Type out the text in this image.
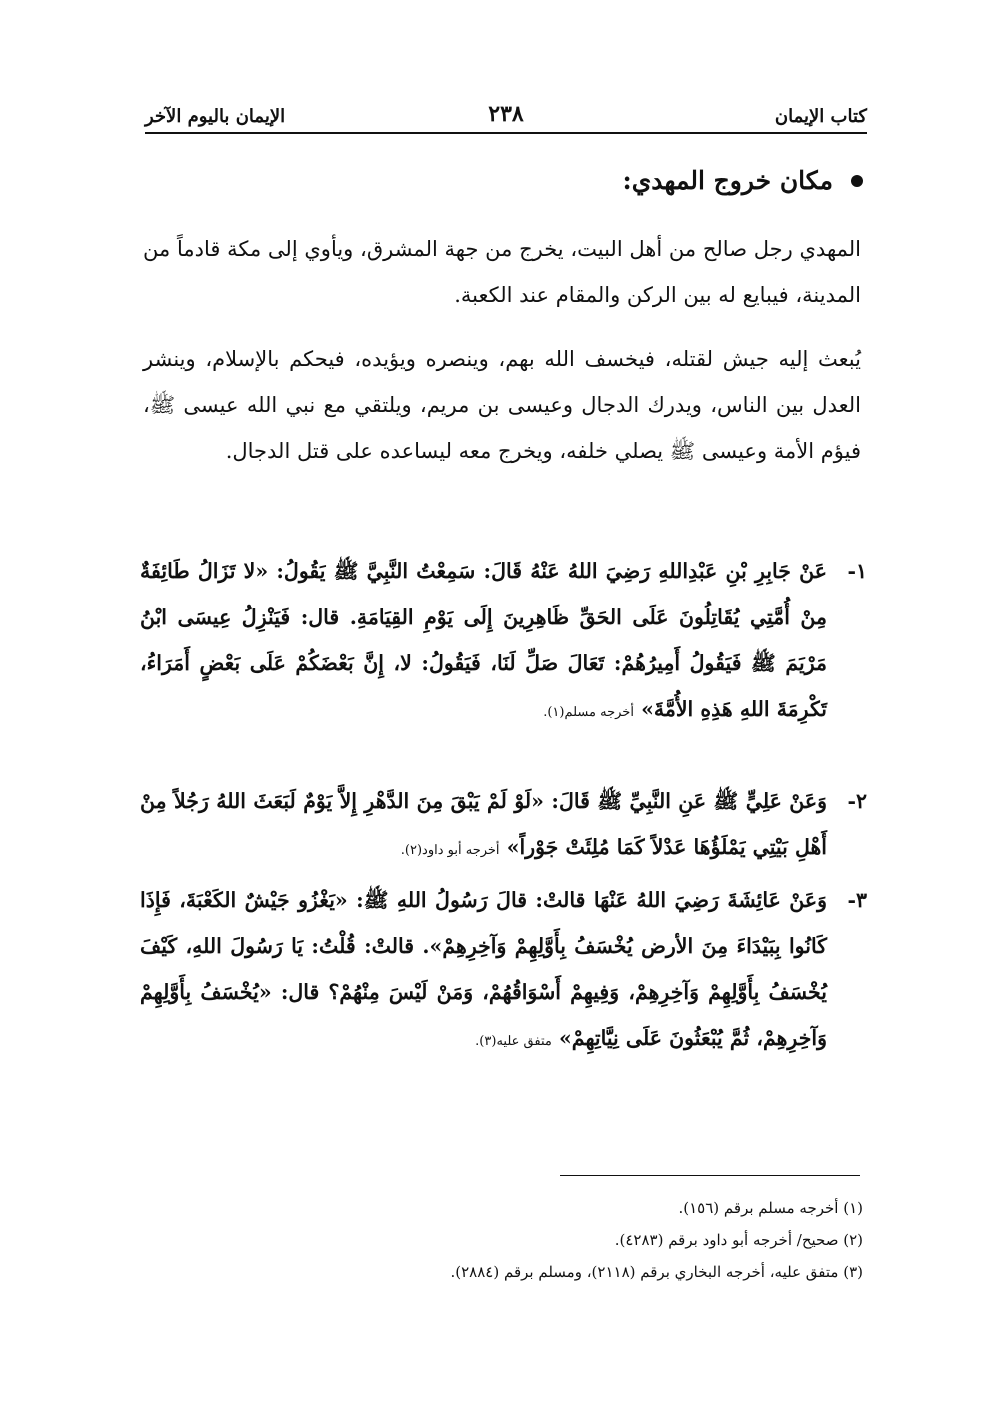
كتاب الإيمان
٢٣٨
الإيمان باليوم الآخر
مكان خروج المهدي:

المهدي رجل صالح من أهل البيت، يخرج من جهة المشرق، ويأوي إلى مكة قادماً من المدينة، فيبايع له بين الركن والمقام عند الكعبة.

يُبعث إليه جيش لقتله، فيخسف الله بهم، وينصره ويؤيده، فيحكم بالإسلام، وينشر العدل بين الناس، ويدرك الدجال وعيسى بن مريم، ويلتقي مع نبي الله عيسى ﷺ، فيؤم الأمة وعيسى ﷺ يصلي خلفه، ويخرج معه ليساعده على قتل الدجال.

١-

عَنْ جَابِرِ بْنِ عَبْدِاللهِ رَضِيَ اللهُ عَنْهُ قَالَ: سَمِعْتُ النَّبِيَّ ﷺ يَقُولُ: «لا تَزَالُ طَائِفَةٌ مِنْ أُمَّتِي يُقَاتِلُونَ عَلَى الحَقِّ ظَاهِرِينَ إِلَى يَوْمِ القِيَامَةِ. قال: فَيَنْزِلُ عِيسَى ابْنُ مَرْيَمَ ﷺ فَيَقُولُ أَمِيرُهُمْ: تَعَالَ صَلِّ لَنَا، فَيَقُولُ: لا، إِنَّ بَعْضَكُمْ عَلَى بَعْضٍ أَمَرَاءُ، تَكْرِمَةَ اللهِ هَذِهِ الأُمَّةَ» أخرجه مسلم(١).

٢-

وَعَنْ عَلِيٍّ ﷺ عَنِ النَّبِيِّ ﷺ قَالَ: «لَوْ لَمْ يَبْقَ مِنَ الدَّهْرِ إِلاَّ يَوْمٌ لَبَعَثَ اللهُ رَجُلاً مِنْ أَهْلِ بَيْتِي يَمْلَؤُهَا عَدْلاً كَمَا مُلِئَتْ جَوْراً» أخرجه أبو داود(٢).

٣-

وَعَنْ عَائِشَةَ رَضِيَ اللهُ عَنْهَا قالتْ: قالَ رَسُولُ اللهِ ﷺ: «يَغْزُو جَيْشٌ الكَعْبَةَ، فَإِذَا كَانُوا بِبَيْدَاءَ مِنَ الأرض يُخْسَفُ بِأَوَّلِهِمْ وَآخِرِهِمْ». قالتْ: قُلْتُ: يَا رَسُولَ اللهِ، كَيْفَ يُخْسَفُ بِأَوَّلِهِمْ وَآخِرِهِمْ، وَفِيهِمْ أَسْوَاقُهُمْ، وَمَنْ لَيْسَ مِنْهُمْ؟ قال: «يُخْسَفُ بِأَوَّلِهِمْ وَآخِرِهِمْ، ثُمَّ يُبْعَثُونَ عَلَى نِيَّاتِهِمْ» متفق عليه(٣).

(١) أخرجه مسلم برقم (١٥٦).
(٢) صحيح/ أخرجه أبو داود برقم (٤٢٨٣).
(٣) متفق عليه، أخرجه البخاري برقم (٢١١٨)، ومسلم برقم (٢٨٨٤).
